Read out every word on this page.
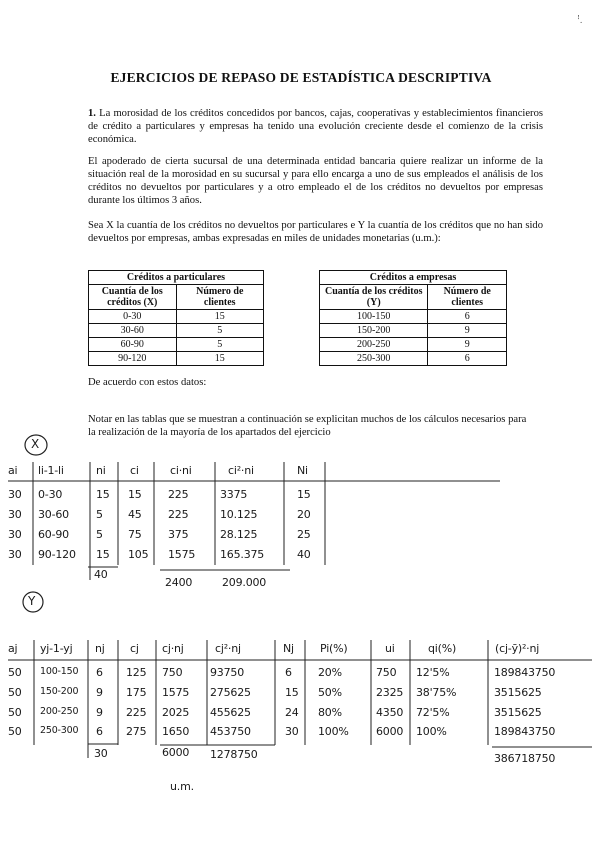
ꜝ.
EJERCICIOS DE REPASO DE ESTADÍSTICA DESCRIPTIVA
1. La morosidad de los créditos concedidos por bancos, cajas, cooperativas y establecimientos financieros de crédito a particulares y empresas ha tenido una evolución creciente desde el comienzo de la crisis económica.
El apoderado de cierta sucursal de una determinada entidad bancaria quiere realizar un informe de la situación real de la morosidad en su sucursal y para ello encarga a uno de sus empleados el análisis de los créditos no devueltos por particulares y a otro empleado el de los créditos no devueltos por empresas durante los últimos 3 años.
Sea X la cuantía de los créditos no devueltos por particulares e Y la cuantía de los créditos que no han sido devueltos por empresas, ambas expresadas en miles de unidades monetarias (u.m.):
Créditos a particulares	
Cuantía de los créditos (X)	Número de clientes
0-30	15
30-60	5
60-90	5
90-120	15
Créditos a empresas	
Cuantía de los créditos (Y)	Número de clientes
100-150	6
150-200	9
200-250	9
250-300	6
De acuerdo con estos datos:
Notar en las tablas que se muestran a continuación se explicitan muchos de los cálculos necesarios para la realización de la mayoría de los apartados del ejercicio
X
Y
ai li-1-li	ni ci	ci·ni	ci²·ni	Ni
30 0-30	15 15 225	3375	15
30 30-60 5 45 225	10.125	20
30 60-90 5 75 375	28.125	25
30 90-120 15 105 1575 165.375	40
40
2400	209.000
aj yj-1-yj nj cj cj·nj	cj²·nj	Nj Pi(%)	ui	qi(%)	(cj-ȳ)²·nj
50 100-150 6 125 750	93750	6 20%	750 12'5%	189843750
50 150-200 9 175 1575 275625	15 50%	2325 38'75%	3515625
50 200-250 9 225 2025 455625	24 80%	4350 72'5%	3515625
50 250-300 6 275 1650 453750	30 100% 6000 100%	189843750
30	6000 1278750	386718750
u.m.
